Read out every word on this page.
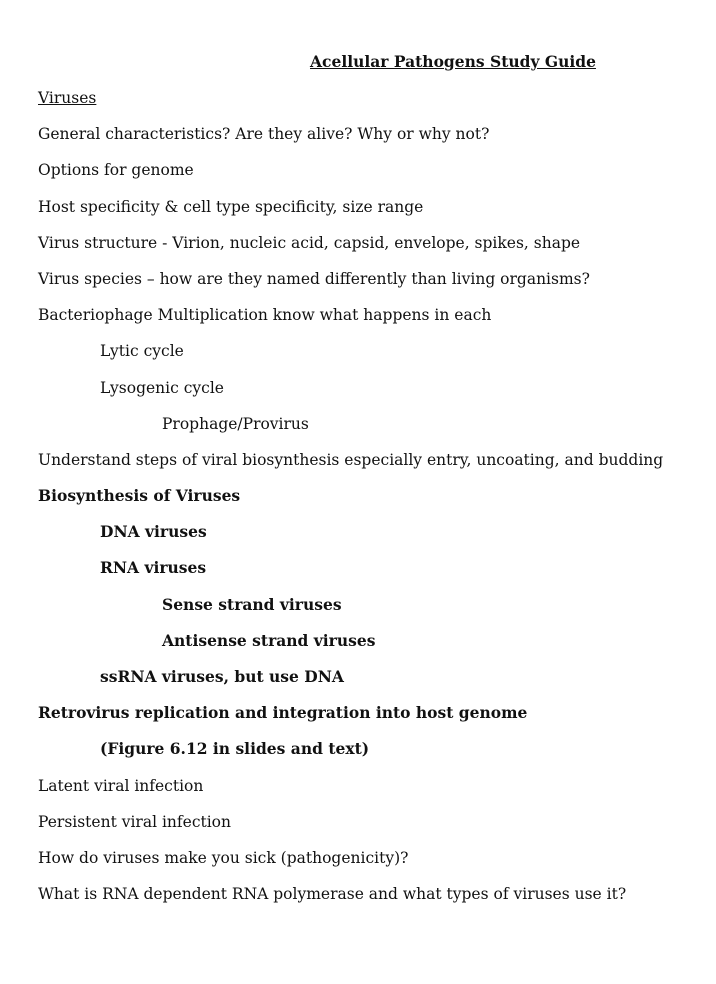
Acellular Pathogens Study Guide
Viruses
General characteristics? Are they alive? Why or why not?
Options for genome
Host specificity & cell type specificity, size range
Virus structure - Virion, nucleic acid, capsid, envelope, spikes, shape
Virus species – how are they named differently than living organisms?
Bacteriophage Multiplication know what happens in each
Lytic cycle
Lysogenic cycle
Prophage/Provirus
Understand steps of viral biosynthesis especially entry, uncoating, and budding
Biosynthesis of Viruses
DNA viruses
RNA viruses
Sense strand viruses
Antisense strand viruses
ssRNA viruses, but use DNA
Retrovirus replication and integration into host genome
(Figure 6.12 in slides and text)
Latent viral infection
Persistent viral infection
How do viruses make you sick (pathogenicity)?
What is RNA dependent RNA polymerase and what types of viruses use it?
